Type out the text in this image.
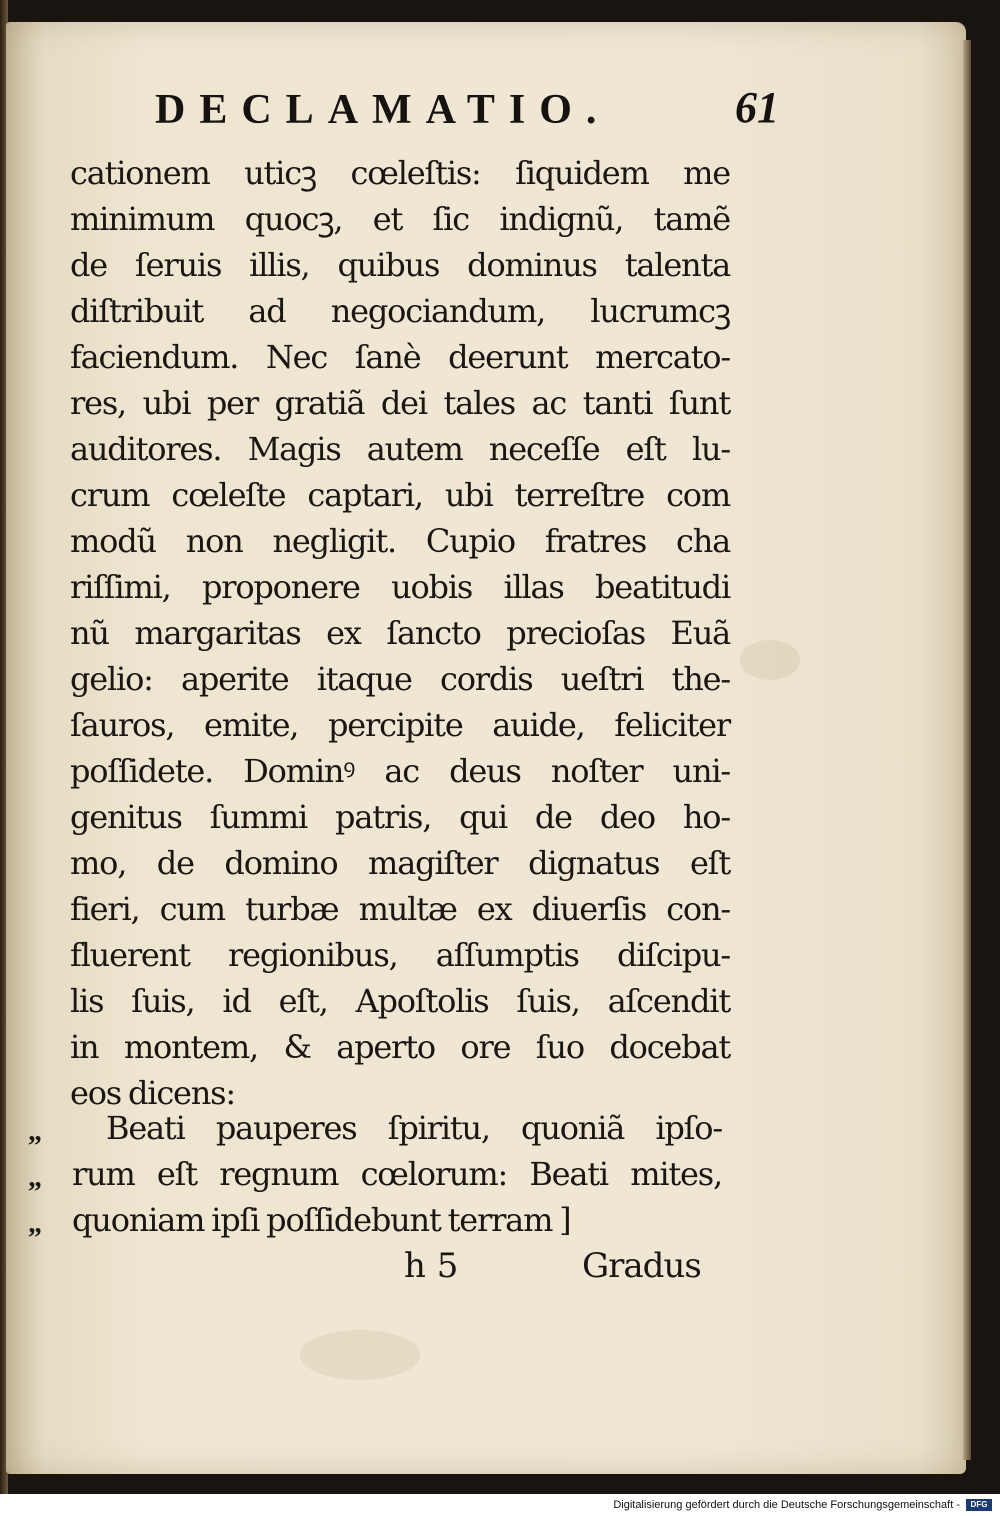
DECLAMATIO.	61
cationem uticꝫ cœleſtis: ſiquidem me
minimum quocꝫ, et ſic indignũ, tamẽ
de ſeruis illis, quibus dominus talenta
diſtribuit ad negociandum, lucrumcꝫ
faciendum. Nec ſanè deerunt mercato-
res, ubi per gratiã dei tales ac tanti ſunt
auditores. Magis autem neceſſe eſt lu-
crum cœleſte captari, ubi terreſtre com
modũ non negligit. Cupio fratres cha
riſſimi, proponere uobis illas beatitudi
nũ margaritas ex ſancto precioſas Euã
gelio: aperite itaque cordis ueſtri the-
ſauros, emite, percipite auide, feliciter
poſſidete. Dominꝰ ac deus noſter uni-
genitus ſummi patris, qui de deo ho-
mo, de domino magiſter dignatus eſt
fieri, cum turbæ multæ ex diuerſis con-
fluerent regionibus, aſſumptis diſcipu-
lis ſuis, id eſt, Apoſtolis ſuis, aſcendit
in montem, & aperto ore ſuo docebat
eos dicens:
„ Beati pauperes ſpiritu, quoniã ipſo-
„ rum eſt regnum cœlorum: Beati mites,
„ quoniam ipſi poſſidebunt terram ]
h 5	Gradus
Digitalisierung gefördert durch die Deutsche Forschungsgemeinschaft -	DFG
